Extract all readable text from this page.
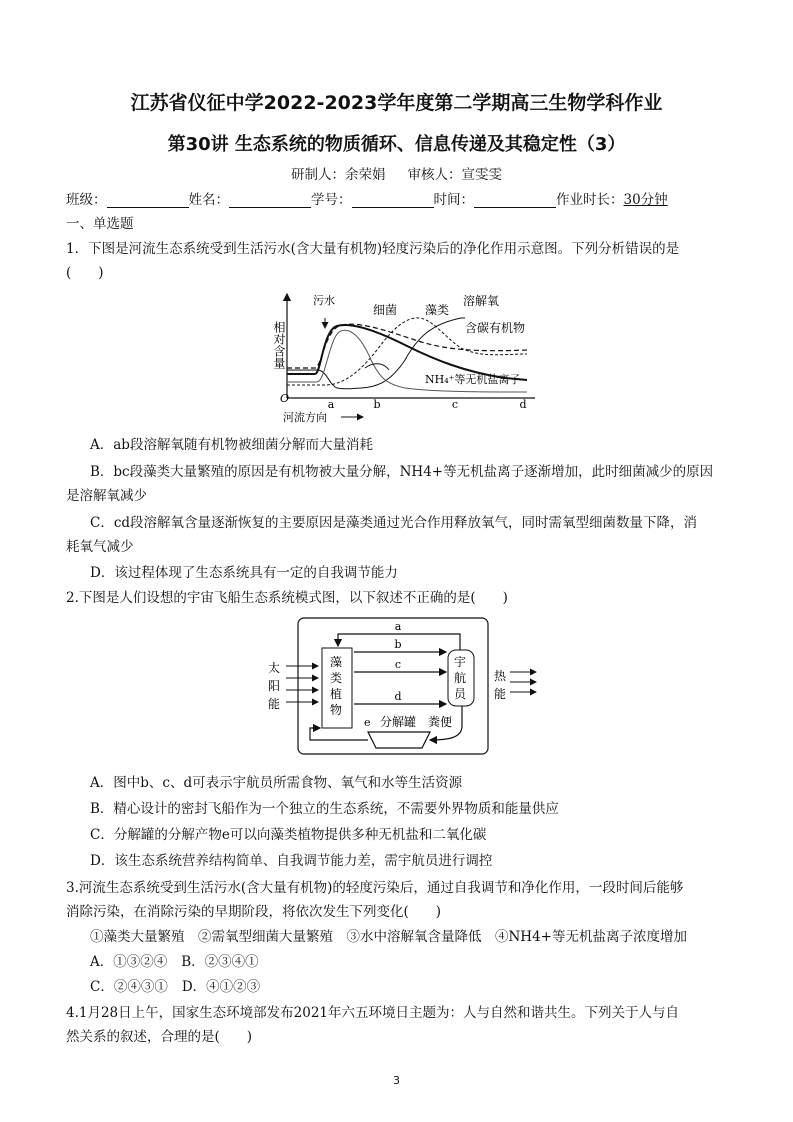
江苏省仪征中学2022-2023学年度第二学期高三生物学科作业
第30讲 生态系统的物质循环、信息传递及其稳定性（3）
研制人：余荣娟 审核人：宣雯雯
班级：	姓名：	学号：	时间：	作业时长：30分钟
一、单选题
1．下图是河流生态系统受到生活污水(含大量有机物)轻度污染后的净化作用示意图。下列分析错误的是
(　　)
相对含量
O	a	b	c	d
河流方向
污水
细菌 藻类
溶解氧
含碳有机物
NH₄⁺等无机盐离子
A．ab段溶解氧随有机物被细菌分解而大量消耗
B．bc段藻类大量繁殖的原因是有机物被大量分解，NH4+等无机盐离子逐渐增加，此时细菌减少的原因
是溶解氧减少
C．cd段溶解氧含量逐渐恢复的主要原因是藻类通过光合作用释放氧气，同时需氧型细菌数量下降，消
耗氧气减少
D．该过程体现了生态系统具有一定的自我调节能力
2.下图是人们设想的宇宙飞船生态系统模式图，以下叙述不正确的是(　　)
太 阳 能
藻 类 植 物
宇 航 员
a
b
c
d
热 能
粪便
分解罐
e
A．图中b、c、d可表示宇航员所需食物、氧气和水等生活资源
B．精心设计的密封飞船作为一个独立的生态系统，不需要外界物质和能量供应
C．分解罐的分解产物e可以向藻类植物提供多种无机盐和二氧化碳
D．该生态系统营养结构简单、自我调节能力差，需宇航员进行调控
3.河流生态系统受到生活污水(含大量有机物)的轻度污染后，通过自我调节和净化作用，一段时间后能够
消除污染，在消除污染的早期阶段，将依次发生下列变化(　　)
①藻类大量繁殖　②需氧型细菌大量繁殖　③水中溶解氧含量降低　④NH4+等无机盐离子浓度增加
A．①③②④ B．②③④①
C．②④③① D．④①②③
4.1月28日上午，国家生态环境部发布2021年六五环境日主题为：人与自然和谐共生。下列关于人与自
然关系的叙述，合理的是(　　)
3
